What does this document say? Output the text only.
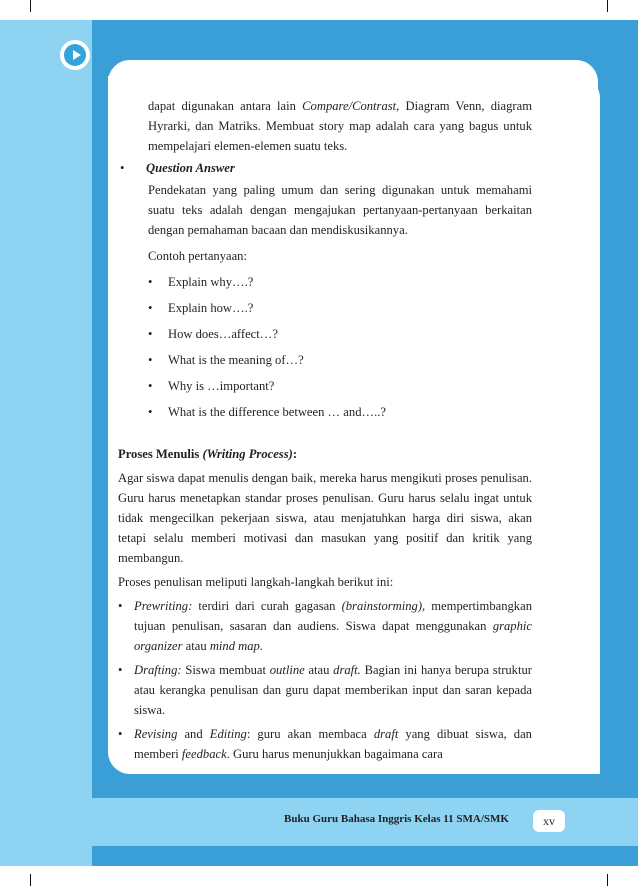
dapat digunakan antara lain Compare/Contrast, Diagram Venn, diagram Hyrarki, dan Matriks. Membuat story map adalah cara yang bagus untuk mempelajari elemen-elemen suatu teks.

• Question Answer

Pendekatan yang paling umum dan sering digunakan untuk memahami suatu teks adalah dengan mengajukan pertanyaan-pertanyaan berkaitan dengan pemahaman bacaan dan mendiskusikannya.

Contoh pertanyaan:

• Explain why….?
• Explain how….?
• How does…affect…?
• What is the meaning of…?
• Why is …important?
• What is the difference between … and…..?

Proses Menulis (Writing Process):

Agar siswa dapat menulis dengan baik, mereka harus mengikuti proses penulisan. Guru harus menetapkan standar proses penulisan. Guru harus selalu ingat untuk tidak mengecilkan pekerjaan siswa, atau menjatuhkan harga diri siswa, akan tetapi selalu memberi motivasi dan masukan yang positif dan kritik yang membangun.

Proses penulisan meliputi langkah-langkah berikut ini:

• Prewriting: terdiri dari curah gagasan (brainstorming), mempertimbangkan tujuan penulisan, sasaran dan audiens. Siswa dapat menggunakan graphic organizer atau mind map.
• Drafting: Siswa membuat outline atau draft. Bagian ini hanya berupa struktur atau kerangka penulisan dan guru dapat memberikan input dan saran kepada siswa.
• Revising and Editing: guru akan membaca draft yang dibuat siswa, dan memberi feedback. Guru harus menunjukkan bagaimana cara
Buku Guru Bahasa Inggris Kelas 11 SMA/SMK	xv
